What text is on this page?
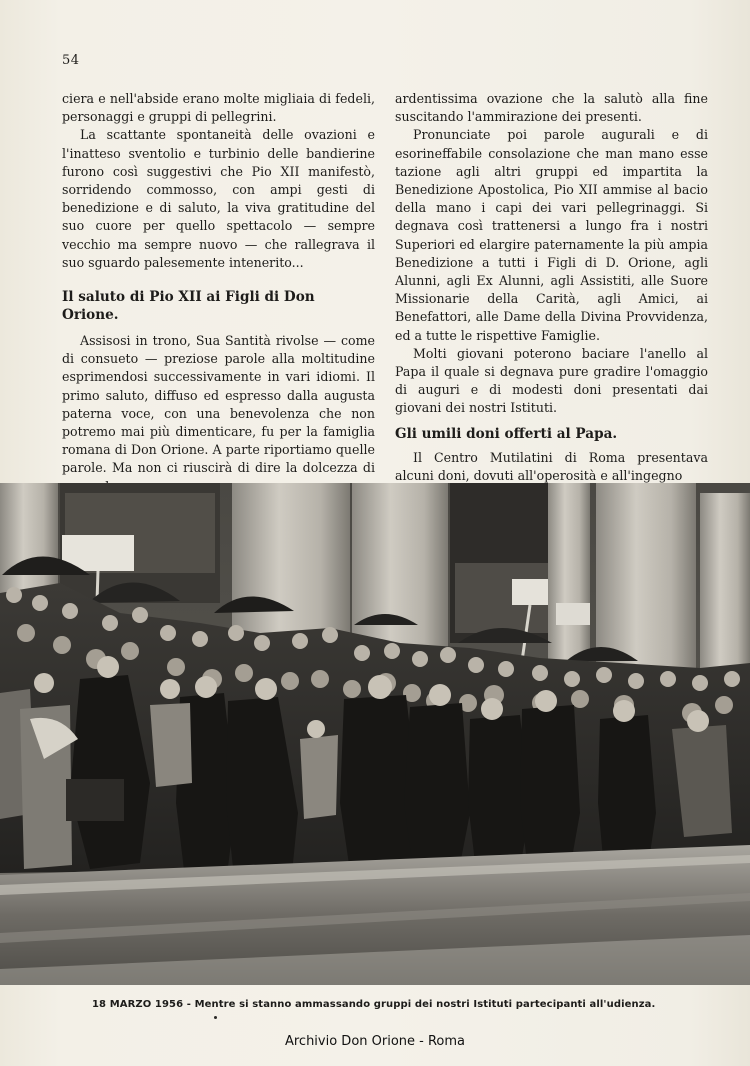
54

ciera e nell'abside erano molte migliaia di fedeli, personaggi e gruppi di pellegrini.

La scattante spontaneità delle ovazioni e l'inatteso sventolio e turbinio delle bandierine furono così suggestivi che Pio XII manifestò, sorridendo commosso, con ampi gesti di benedizione e di saluto, la viva gratitudine del suo cuore per quello spettacolo — sempre vecchio ma sempre nuovo — che rallegrava il suo sguardo palesemente intenerito...

Il saluto di Pio XII ai Figli di Don Orione.

Assisosi in trono, Sua Santità rivolse — come di consueto — preziose parole alla moltitudine esprimendosi successivamente in vari idiomi. Il primo saluto, diffuso ed espresso dalla augusta paterna voce, con una benevolenza che non potremo mai più dimenticare, fu per la famiglia romana di Don Orione. A parte riportiamo quelle parole. Ma non ci riuscirà di dire la dolcezza di

ardentissima ovazione che la salutò alla fine suscitando l'ammirazione dei presenti.

Pronunciate poi parole augurali e di esorineffabile consolazione che man mano esse tazione agli altri gruppi ed impartita la Benedizione Apostolica, Pio XII ammise al bacio della mano i capi dei vari pellegrinaggi. Si degnava così trattenersi a lungo fra i nostri Superiori ed elargire paternamente la più ampia Benedizione a tutti i Figli di D. Orione, agli Alunni, agli Ex Alunni, agli Assistiti, alle Suore Missionarie della Carità, agli Amici, ai Benefattori, alle Dame della Divina Provvidenza, ed a tutte le rispettive Famiglie.

Molti giovani poterono baciare l'anello al Papa il quale si degnava pure gradire l'omaggio di auguri e di modesti doni presentati dai giovani dei nostri Istituti.

Gli umili doni offerti al Papa.

Il Centro Mutilatini di Roma presentava alcuni doni, dovuti all'operosità e all'ingegno

18 MARZO 1956 - Mentre si stanno ammassando gruppi dei nostri Istituti partecipanti all'udienza.
Archivio Don Orione - Roma
